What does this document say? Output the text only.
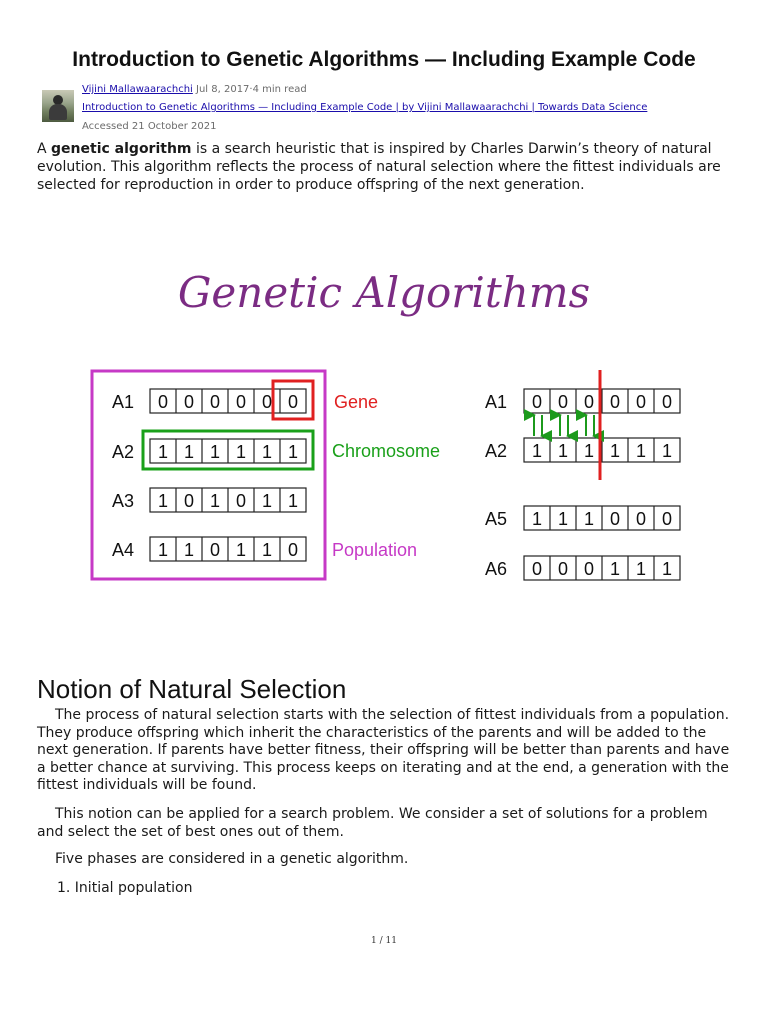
Introduction to Genetic Algorithms — Including Example Code
Vijini Mallawaarachchi Jul 8, 2017·4 min read
Introduction to Genetic Algorithms — Including Example Code | by Vijini Mallawaarachchi | Towards Data Science
Accessed 21 October 2021

A genetic algorithm is a search heuristic that is inspired by Charles Darwin’s theory of natural evolution. This algorithm reflects the process of natural selection where the fittest individuals are selected for reproduction in order to produce offspring of the next generation.

Genetic Algorithms
A1 0 0 0 0 0 0
A2 1 1 1 1 1 1
A3 1 0 1 0 1 1
A4 1 1 0 1 1 0
Gene
Chromosome
Population
A1 0 0 0 0 0 0
A2 1 1 1 1 1 1
A5 1 1 1 0 0 0
A6 0 0 0 1 1 1
Notion of Natural Selection

The process of natural selection starts with the selection of fittest individuals from a population. They produce offspring which inherit the characteristics of the parents and will be added to the next generation. If parents have better fitness, their offspring will be better than parents and have a better chance at surviving. This process keeps on iterating and at the end, a generation with the fittest individuals will be found.

This notion can be applied for a search problem. We consider a set of solutions for a problem and select the set of best ones out of them.

Five phases are considered in a genetic algorithm.

1. Initial population

1 / 11
